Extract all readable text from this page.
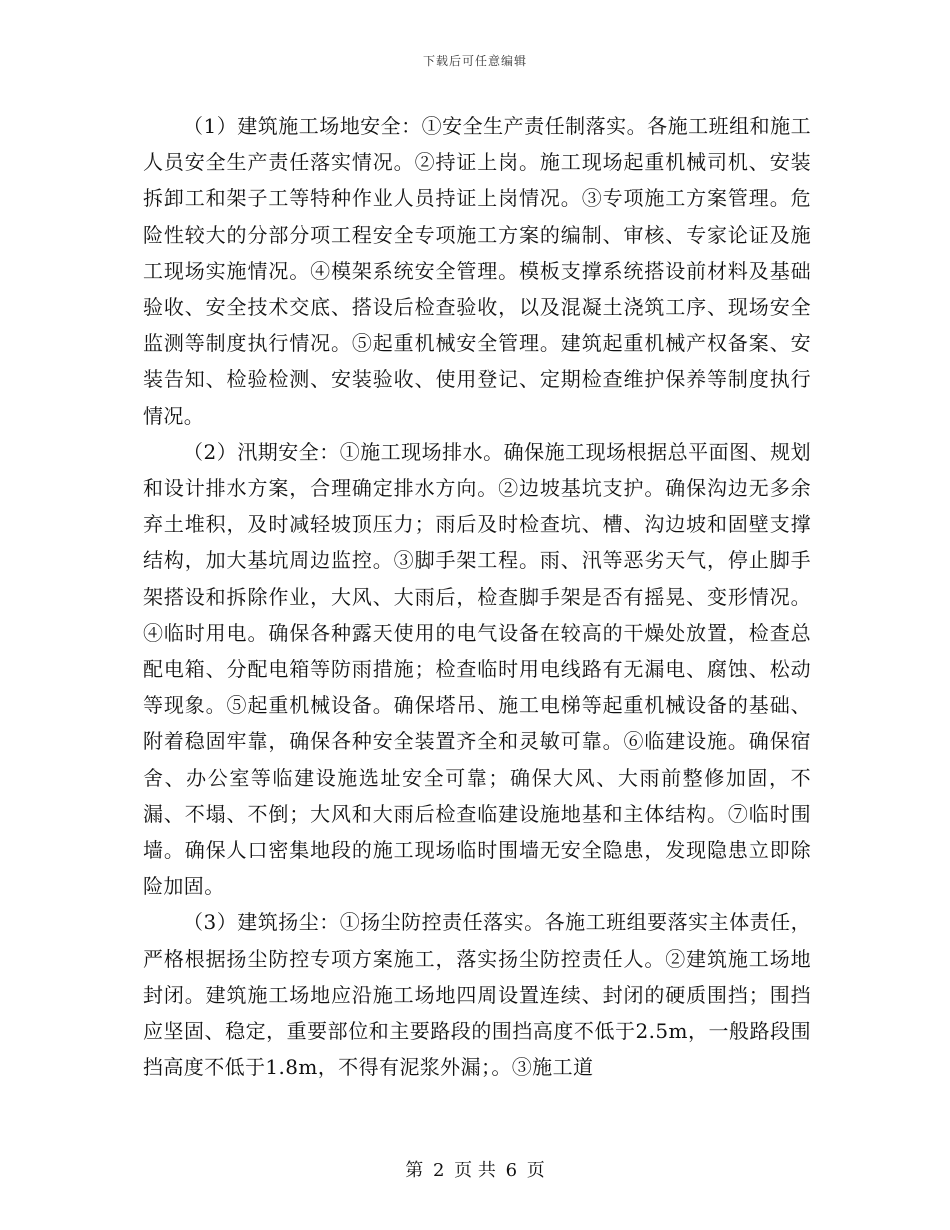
下载后可任意编辑

（1）建筑施工场地安全：①安全生产责任制落实。各施工班组和施工人员安全生产责任落实情况。②持证上岗。施工现场起重机械司机、安装拆卸工和架子工等特种作业人员持证上岗情况。③专项施工方案管理。危险性较大的分部分项工程安全专项施工方案的编制、审核、专家论证及施工现场实施情况。④模架系统安全管理。模板支撑系统搭设前材料及基础验收、安全技术交底、搭设后检查验收，以及混凝土浇筑工序、现场安全监测等制度执行情况。⑤起重机械安全管理。建筑起重机械产权备案、安装告知、检验检测、安装验收、使用登记、定期检查维护保养等制度执行情况。

（2）汛期安全：①施工现场排水。确保施工现场根据总平面图、规划和设计排水方案，合理确定排水方向。②边坡基坑支护。确保沟边无多余弃土堆积，及时减轻坡顶压力；雨后及时检查坑、槽、沟边坡和固壁支撑结构，加大基坑周边监控。③脚手架工程。雨、汛等恶劣天气，停止脚手架搭设和拆除作业，大风、大雨后，检查脚手架是否有摇晃、变形情况。④临时用电。确保各种露天使用的电气设备在较高的干燥处放置，检查总配电箱、分配电箱等防雨措施；检查临时用电线路有无漏电、腐蚀、松动等现象。⑤起重机械设备。确保塔吊、施工电梯等起重机械设备的基础、附着稳固牢靠，确保各种安全装置齐全和灵敏可靠。⑥临建设施。确保宿舍、办公室等临建设施选址安全可靠；确保大风、大雨前整修加固，不漏、不塌、不倒；大风和大雨后检查临建设施地基和主体结构。⑦临时围墙。确保人口密集地段的施工现场临时围墙无安全隐患，发现隐患立即除险加固。

（3）建筑扬尘：①扬尘防控责任落实。各施工班组要落实主体责任，严格根据扬尘防控专项方案施工，落实扬尘防控责任人。②建筑施工场地封闭。建筑施工场地应沿施工场地四周设置连续、封闭的硬质围挡；围挡应坚固、稳定，重要部位和主要路段的围挡高度不低于2.5m，一般路段围挡高度不低于1.8m，不得有泥浆外漏；。③施工道

第 2 页 共 6 页
